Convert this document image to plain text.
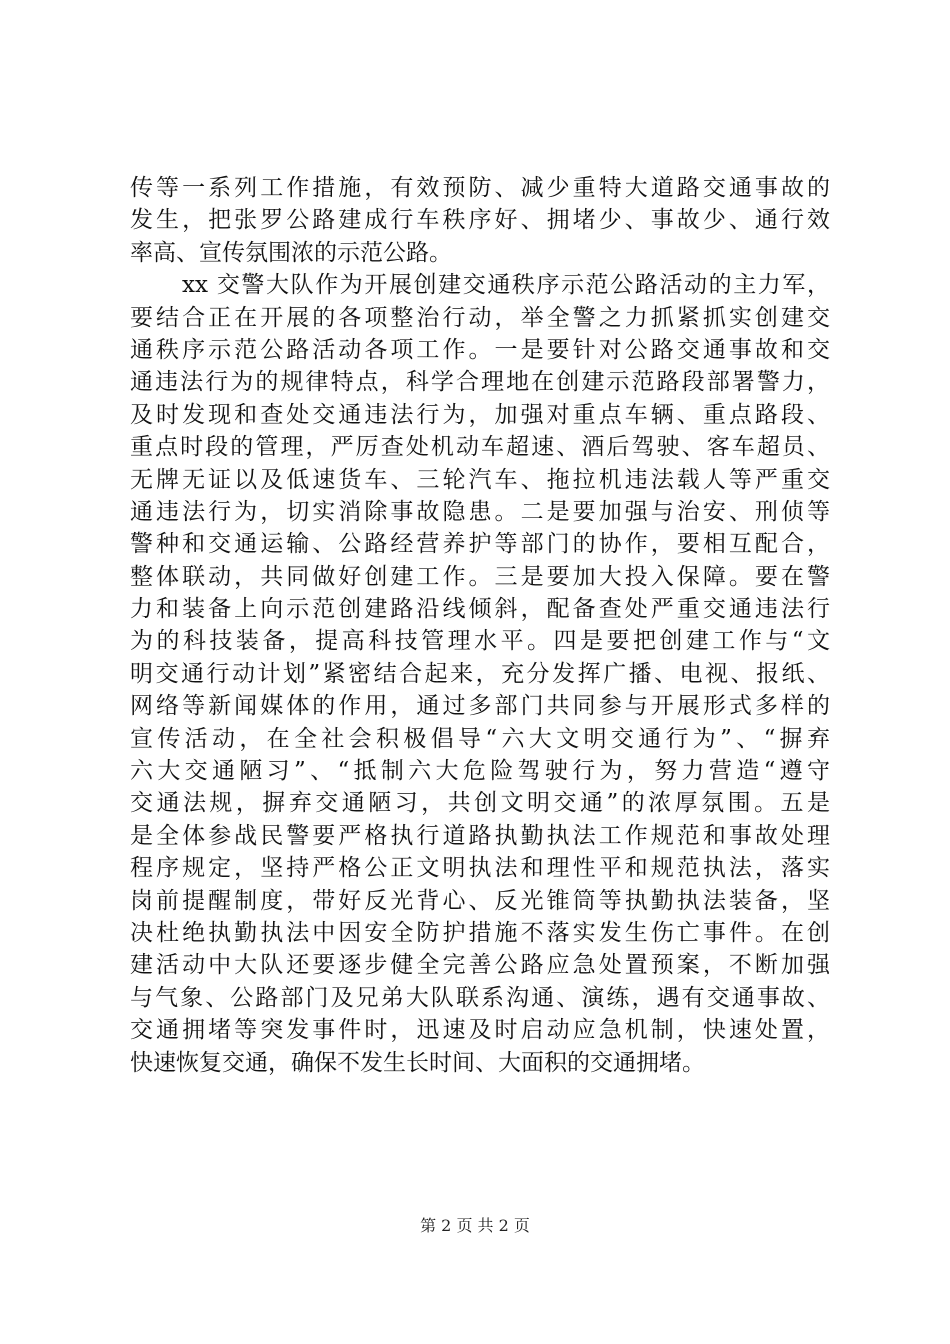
传等一系列工作措施，有效预防、减少重特大道路交通事故的
发生，把张罗公路建成行车秩序好、拥堵少、事故少、通行效
率高、宣传氛围浓的示范公路。
xx 交警大队作为开展创建交通秩序示范公路活动的主力军，
要结合正在开展的各项整治行动，举全警之力抓紧抓实创建交
通秩序示范公路活动各项工作。一是要针对公路交通事故和交
通违法行为的规律特点，科学合理地在创建示范路段部署警力，
及时发现和查处交通违法行为，加强对重点车辆、重点路段、
重点时段的管理，严厉查处机动车超速、酒后驾驶、客车超员、
无牌无证以及低速货车、三轮汽车、拖拉机违法载人等严重交
通违法行为，切实消除事故隐患。二是要加强与治安、刑侦等
警种和交通运输、公路经营养护等部门的协作，要相互配合，
整体联动，共同做好创建工作。三是要加大投入保障。要在警
力和装备上向示范创建路沿线倾斜，配备查处严重交通违法行
为的科技装备，提高科技管理水平。四是要把创建工作与“文
明交通行动计划”紧密结合起来，充分发挥广播、电视、报纸、
网络等新闻媒体的作用，通过多部门共同参与开展形式多样的
宣传活动，在全社会积极倡导“六大文明交通行为”、“摒弃
六大交通陋习”、“抵制六大危险驾驶行为，努力营造“遵守
交通法规，摒弃交通陋习，共创文明交通”的浓厚氛围。五是
是全体参战民警要严格执行道路执勤执法工作规范和事故处理
程序规定，坚持严格公正文明执法和理性平和规范执法，落实
岗前提醒制度，带好反光背心、反光锥筒等执勤执法装备，坚
决杜绝执勤执法中因安全防护措施不落实发生伤亡事件。在创
建活动中大队还要逐步健全完善公路应急处置预案，不断加强
与气象、公路部门及兄弟大队联系沟通、演练，遇有交通事故、
交通拥堵等突发事件时，迅速及时启动应急机制，快速处置，
快速恢复交通，确保不发生长时间、大面积的交通拥堵。
第 2 页 共 2 页
